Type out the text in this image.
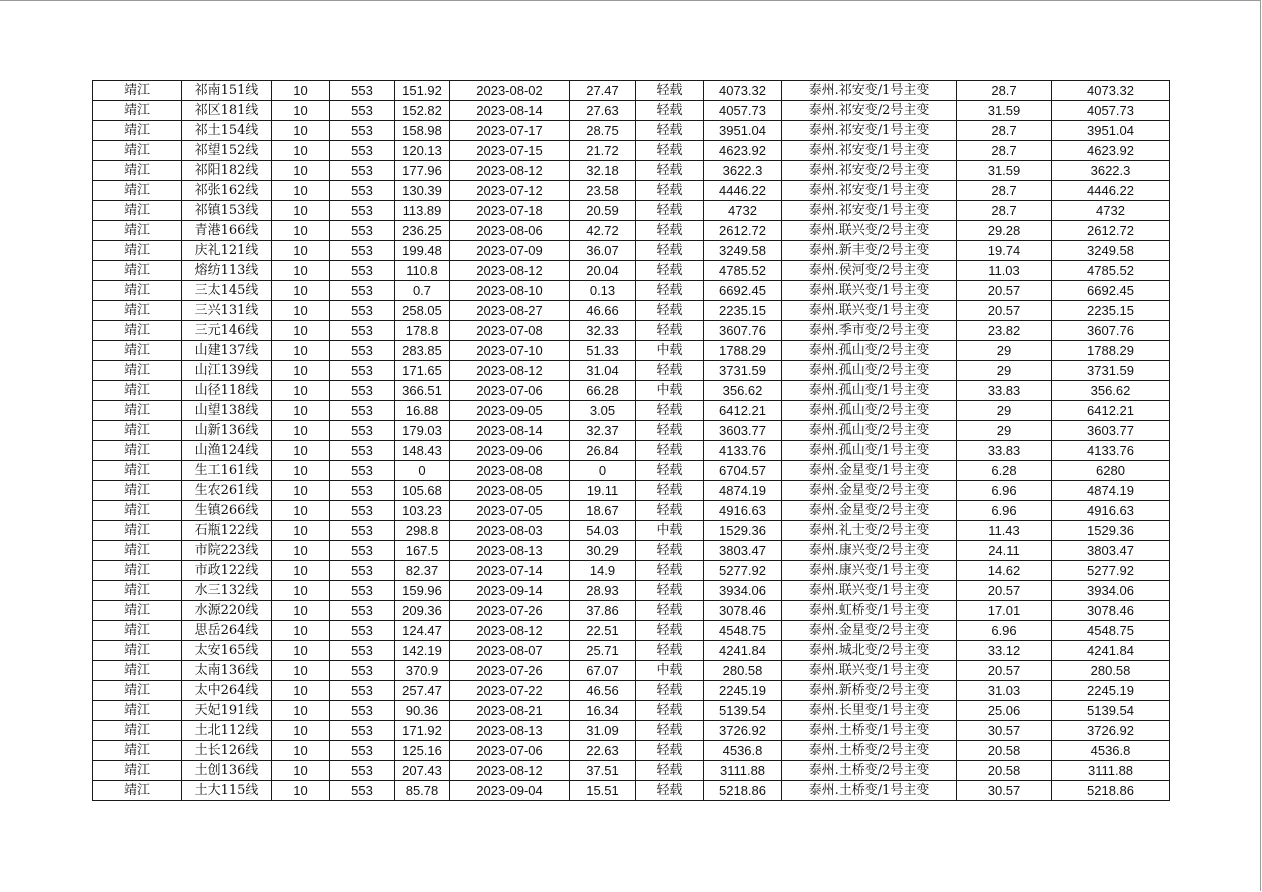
靖江	祁南151线	10	553	151.92	2023-08-02	27.47	轻载	4073.32	泰州.祁安变/1号主变	28.7	4073.32
靖江	祁区181线	10	553	152.82	2023-08-14	27.63	轻载	4057.73	泰州.祁安变/2号主变	31.59	4057.73
靖江	祁土154线	10	553	158.98	2023-07-17	28.75	轻载	3951.04	泰州.祁安变/1号主变	28.7	3951.04
靖江	祁望152线	10	553	120.13	2023-07-15	21.72	轻载	4623.92	泰州.祁安变/1号主变	28.7	4623.92
靖江	祁阳182线	10	553	177.96	2023-08-12	32.18	轻载	3622.3	泰州.祁安变/2号主变	31.59	3622.3
靖江	祁张162线	10	553	130.39	2023-07-12	23.58	轻载	4446.22	泰州.祁安变/1号主变	28.7	4446.22
靖江	祁镇153线	10	553	113.89	2023-07-18	20.59	轻载	4732	泰州.祁安变/1号主变	28.7	4732
靖江	青港166线	10	553	236.25	2023-08-06	42.72	轻载	2612.72	泰州.联兴变/2号主变	29.28	2612.72
靖江	庆礼121线	10	553	199.48	2023-07-09	36.07	轻载	3249.58	泰州.新丰变/2号主变	19.74	3249.58
靖江	熔纺113线	10	553	110.8	2023-08-12	20.04	轻载	4785.52	泰州.侯河变/2号主变	11.03	4785.52
靖江	三太145线	10	553	0.7	2023-08-10	0.13	轻载	6692.45	泰州.联兴变/1号主变	20.57	6692.45
靖江	三兴131线	10	553	258.05	2023-08-27	46.66	轻载	2235.15	泰州.联兴变/1号主变	20.57	2235.15
靖江	三元146线	10	553	178.8	2023-07-08	32.33	轻载	3607.76	泰州.季市变/2号主变	23.82	3607.76
靖江	山建137线	10	553	283.85	2023-07-10	51.33	中载	1788.29	泰州.孤山变/2号主变	29	1788.29
靖江	山江139线	10	553	171.65	2023-08-12	31.04	轻载	3731.59	泰州.孤山变/2号主变	29	3731.59
靖江	山径118线	10	553	366.51	2023-07-06	66.28	中载	356.62	泰州.孤山变/1号主变	33.83	356.62
靖江	山望138线	10	553	16.88	2023-09-05	3.05	轻载	6412.21	泰州.孤山变/2号主变	29	6412.21
靖江	山新136线	10	553	179.03	2023-08-14	32.37	轻载	3603.77	泰州.孤山变/2号主变	29	3603.77
靖江	山渔124线	10	553	148.43	2023-09-06	26.84	轻载	4133.76	泰州.孤山变/1号主变	33.83	4133.76
靖江	生工161线	10	553	0	2023-08-08	0	轻载	6704.57	泰州.金星变/1号主变	6.28	6280
靖江	生农261线	10	553	105.68	2023-08-05	19.11	轻载	4874.19	泰州.金星变/2号主变	6.96	4874.19
靖江	生镇266线	10	553	103.23	2023-07-05	18.67	轻载	4916.63	泰州.金星变/2号主变	6.96	4916.63
靖江	石瓶122线	10	553	298.8	2023-08-03	54.03	中载	1529.36	泰州.礼士变/2号主变	11.43	1529.36
靖江	市院223线	10	553	167.5	2023-08-13	30.29	轻载	3803.47	泰州.康兴变/2号主变	24.11	3803.47
靖江	市政122线	10	553	82.37	2023-07-14	14.9	轻载	5277.92	泰州.康兴变/1号主变	14.62	5277.92
靖江	水三132线	10	553	159.96	2023-09-14	28.93	轻载	3934.06	泰州.联兴变/1号主变	20.57	3934.06
靖江	水源220线	10	553	209.36	2023-07-26	37.86	轻载	3078.46	泰州.虹桥变/1号主变	17.01	3078.46
靖江	思岳264线	10	553	124.47	2023-08-12	22.51	轻载	4548.75	泰州.金星变/2号主变	6.96	4548.75
靖江	太安165线	10	553	142.19	2023-08-07	25.71	轻载	4241.84	泰州.城北变/2号主变	33.12	4241.84
靖江	太南136线	10	553	370.9	2023-07-26	67.07	中载	280.58	泰州.联兴变/1号主变	20.57	280.58
靖江	太中264线	10	553	257.47	2023-07-22	46.56	轻载	2245.19	泰州.新桥变/2号主变	31.03	2245.19
靖江	天妃191线	10	553	90.36	2023-08-21	16.34	轻载	5139.54	泰州.长里变/1号主变	25.06	5139.54
靖江	土北112线	10	553	171.92	2023-08-13	31.09	轻载	3726.92	泰州.土桥变/1号主变	30.57	3726.92
靖江	土长126线	10	553	125.16	2023-07-06	22.63	轻载	4536.8	泰州.土桥变/2号主变	20.58	4536.8
靖江	土创136线	10	553	207.43	2023-08-12	37.51	轻载	3111.88	泰州.土桥变/2号主变	20.58	3111.88
靖江	土大115线	10	553	85.78	2023-09-04	15.51	轻载	5218.86	泰州.土桥变/1号主变	30.57	5218.86
